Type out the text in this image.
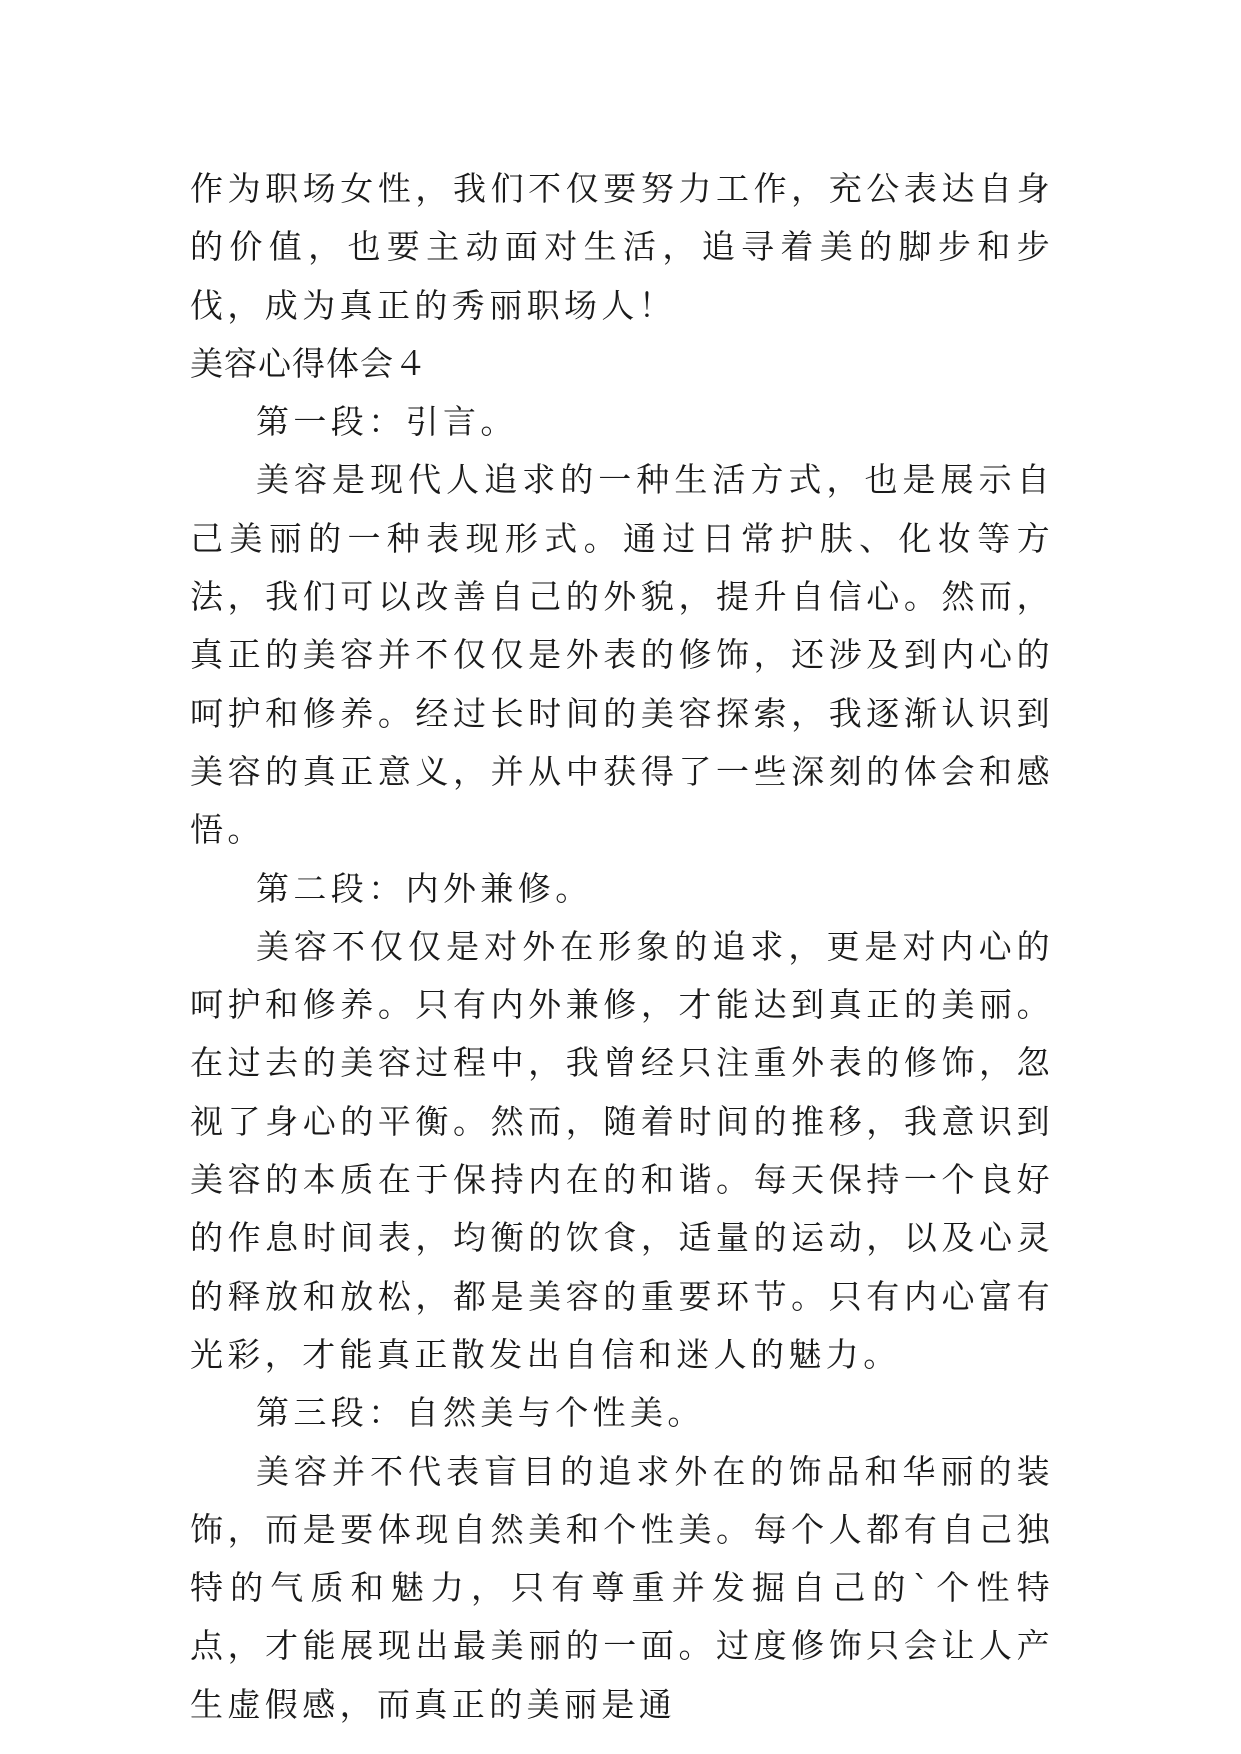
作为职场女性，我们不仅要努力工作，充公表达自身的价值，也要主动面对生活，追寻着美的脚步和步伐，成为真正的秀丽职场人！

美容心得体会４

第一段：引言。

美容是现代人追求的一种生活方式，也是展示自己美丽的一种表现形式。通过日常护肤、化妆等方法，我们可以改善自己的外貌，提升自信心。然而，真正的美容并不仅仅是外表的修饰，还涉及到内心的呵护和修养。经过长时间的美容探索，我逐渐认识到美容的真正意义，并从中获得了一些深刻的体会和感悟。

第二段：内外兼修。

美容不仅仅是对外在形象的追求，更是对内心的呵护和修养。只有内外兼修，才能达到真正的美丽。在过去的美容过程中，我曾经只注重外表的修饰，忽视了身心的平衡。然而，随着时间的推移，我意识到美容的本质在于保持内在的和谐。每天保持一个良好的作息时间表，均衡的饮食，适量的运动，以及心灵的释放和放松，都是美容的重要环节。只有内心富有光彩，才能真正散发出自信和迷人的魅力。

第三段：自然美与个性美。

美容并不代表盲目的追求外在的饰品和华丽的装饰，而是要体现自然美和个性美。每个人都有自己独特的气质和魅力，只有尊重并发掘自己的`个性特点，才能展现出最美丽的一面。过度修饰只会让人产生虚假感，而真正的美丽是通
